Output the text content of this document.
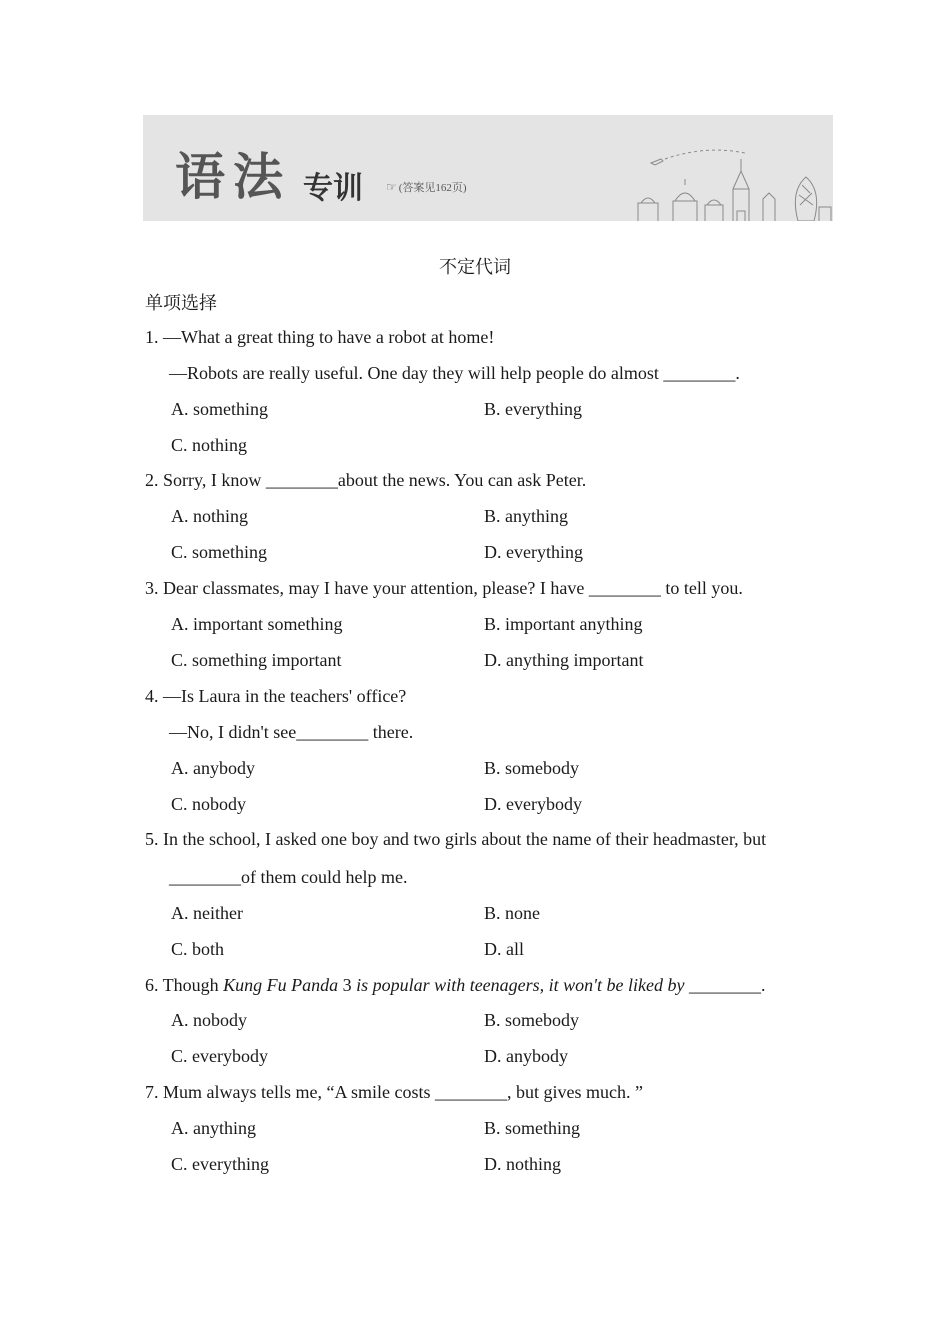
语法 专训 ☞ (答案见162页)
不定代词
单项选择
1. —What a great thing to have a robot at home!
—Robots are really useful. One day they will help people do almost ________.
A. something	B. everything
C. nothing
2. Sorry, I know ________about the news. You can ask Peter.
A. nothing	B. anything
C. something	D. everything
3. Dear classmates, may I have your attention, please? I have ________ to tell you.
A. important something	B. important anything
C. something important	D. anything important
4. —Is Laura in the teachers' office?
—No, I didn't see________ there.
A. anybody	B. somebody
C. nobody	D. everybody
5. In the school, I asked one boy and two girls about the name of their headmaster, but
________of them could help me.
A. neither	B. none
C. both	D. all
6. Though Kung Fu Panda 3 is popular with teenagers, it won't be liked by ________.
A. nobody	B. somebody
C. everybody	D. anybody
7. Mum always tells me, “A smile costs ________, but gives much. ”
A. anything	B. something
C. everything	D. nothing
